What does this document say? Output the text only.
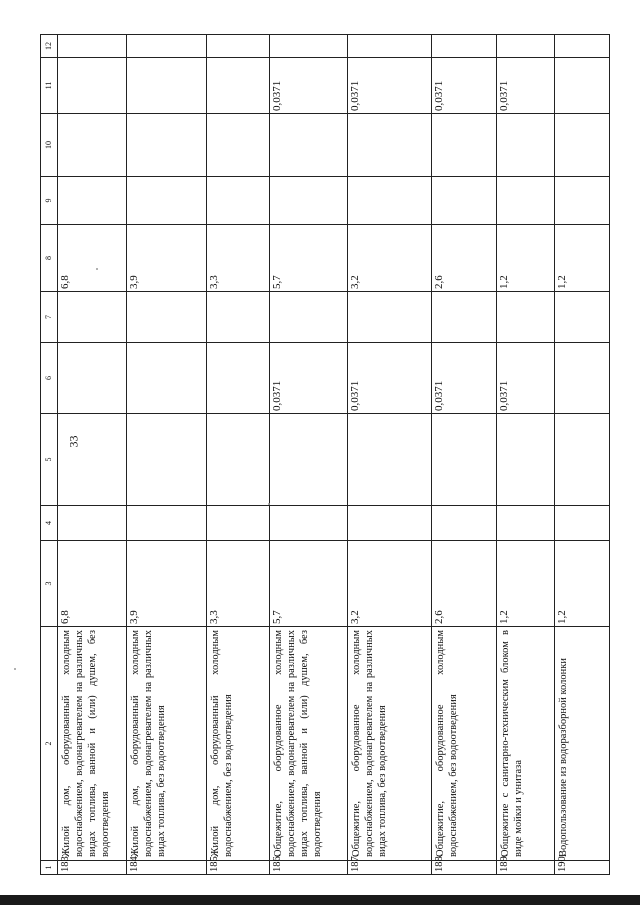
33
1	2	3	4	5	6	7	8	9	10	11	12
183.	Жилой дом, оборудованный холодным водоснабжением, водонагревателем на различных видах топлива, ванной и (или) душем, без водоотведения	6,8					6,8				
184.	Жилой дом, оборудованный холодным водоснабжением, водонагревателем на различных видах топлива, без водоотведения	3,9					3,9				
185.	Жилой дом, оборудованный холодным водоснабжением, без водоотведения	3,3					3,3				
186.	Общежитие, оборудованное холодным водоснабжением, водонагревателем на различных видах топлива, ванной и (или) душем, без водоотведения	5,7			0,0371		5,7			0,0371	
187.	Общежитие, оборудованное холодным водоснабжением, водонагревателем на различных видах топлива, без водоотведения	3,2			0,0371		3,2			0,0371	
188.	Общежитие, оборудованное холодным водоснабжением, без водоотведения	2,6			0,0371		2,6			0,0371	
189.	Общежитие с санитарно-техническим блоком в виде мойки и унитаза	1,2			0,0371		1,2			0,0371	
190.	Водопользование из водоразборной колонки	1,2					1,2				
